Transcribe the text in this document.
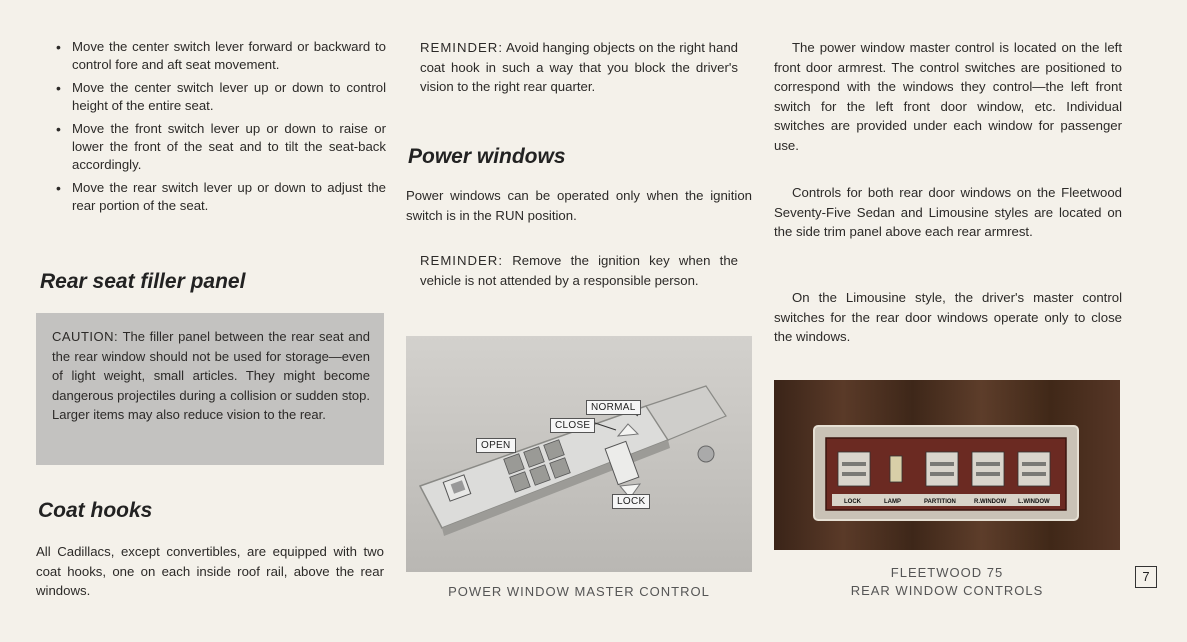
• Move the center switch lever forward or backward to control fore and aft seat movement.
• Move the center switch lever up or down to control height of the entire seat.
• Move the front switch lever up or down to raise or lower the front of the seat and to tilt the seat-back accordingly.
• Move the rear switch lever up or down to adjust the rear portion of the seat.
Rear seat filler panel
CAUTION: The filler panel between the rear seat and the rear window should not be used for storage—even of light weight, small articles. They might become dangerous projectiles during a collision or sudden stop. Larger items may also reduce vision to the rear.
Coat hooks

All Cadillacs, except convertibles, are equipped with two coat hooks, one on each inside roof rail, above the rear windows.

REMINDER: Avoid hanging objects on the right hand coat hook in such a way that you block the driver's vision to the right rear quarter.

Power windows

Power windows can be operated only when the ignition switch is in the RUN position.

REMINDER: Remove the ignition key when the vehicle is not attended by a responsible person.

NORMAL
CLOSE
OPEN
LOCK
POWER WINDOW MASTER CONTROL

The power window master control is located on the left front door armrest. The control switches are positioned to correspond with the windows they control—the left front switch for the left front door window, etc. Individual switches are provided under each window for passenger use.

Controls for both rear door windows on the Fleetwood Seventy-Five Sedan and Limousine styles are located on the side trim panel above each rear armrest.

On the Limousine style, the driver's master control switches for the rear door windows operate only to close the windows.

LOCK	LAMP	PARTITION	R.WINDOW L.WINDOW
FLEETWOOD 75
REAR WINDOW CONTROLS
7
